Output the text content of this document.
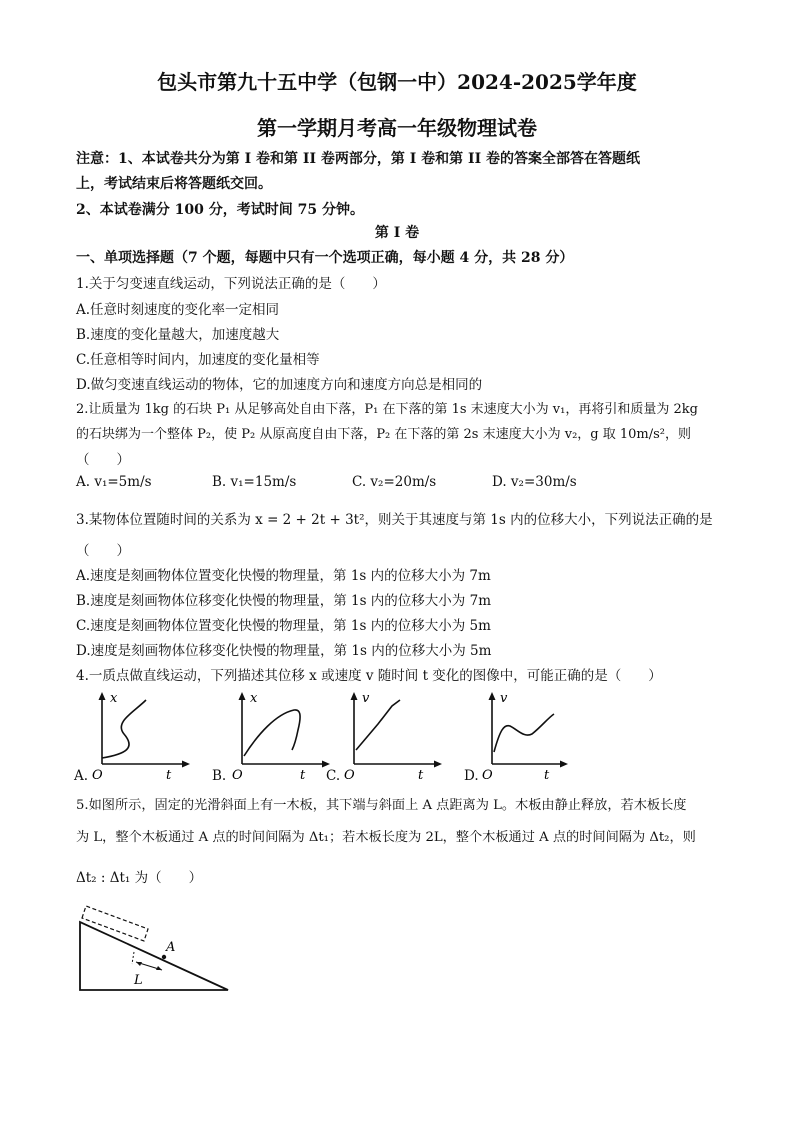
包头市第九十五中学（包钢一中）2024-2025学年度
第一学期月考高一年级物理试卷
注意：1、本试卷共分为第 I 卷和第 II 卷两部分，第 I 卷和第 II 卷的答案全部答在答题纸
上，考试结束后将答题纸交回。
2、本试卷满分 100 分，考试时间 75 分钟。
第 I 卷
一、单项选择题（7 个题，每题中只有一个选项正确，每小题 4 分，共 28 分）
1.关于匀变速直线运动，下列说法正确的是（　　）
A.任意时刻速度的变化率一定相同
B.速度的变化量越大，加速度越大
C.任意相等时间内，加速度的变化量相等
D.做匀变速直线运动的物体，它的加速度方向和速度方向总是相同的
2.让质量为 1kg 的石块 P₁ 从足够高处自由下落，P₁ 在下落的第 1s 末速度大小为 v₁，再将引和质量为 2kg
的石块绑为一个整体 P₂，使 P₂ 从原高度自由下落，P₂ 在下落的第 2s 末速度大小为 v₂，g 取 10m/s²，则
（　　）
A. v₁=5m/s	B. v₁=15m/s	C. v₂=20m/s	D. v₂=30m/s
3.某物体位置随时间的关系为 x = 2 + 2t + 3t²，则关于其速度与第 1s 内的位移大小，下列说法正确的是
（　　）
A.速度是刻画物体位置变化快慢的物理量，第 1s 内的位移大小为 7m
B.速度是刻画物体位移变化快慢的物理量，第 1s 内的位移大小为 7m
C.速度是刻画物体位置变化快慢的物理量，第 1s 内的位移大小为 5m
D.速度是刻画物体位移变化快慢的物理量，第 1s 内的位移大小为 5m
4.一质点做直线运动，下列描述其位移 x 或速度 v 随时间 t 变化的图像中，可能正确的是（　　）
A.
x
t
O	B.
x
t
O	C.
v
t
O	D.
v
t
O
5.如图所示，固定的光滑斜面上有一木板，其下端与斜面上 A 点距离为 L。木板由静止释放，若木板长度
为 L，整个木板通过 A 点的时间间隔为 Δt₁；若木板长度为 2L，整个木板通过 A 点的时间间隔为 Δt₂，则
Δt₂ : Δt₁ 为（　　）
A
L
